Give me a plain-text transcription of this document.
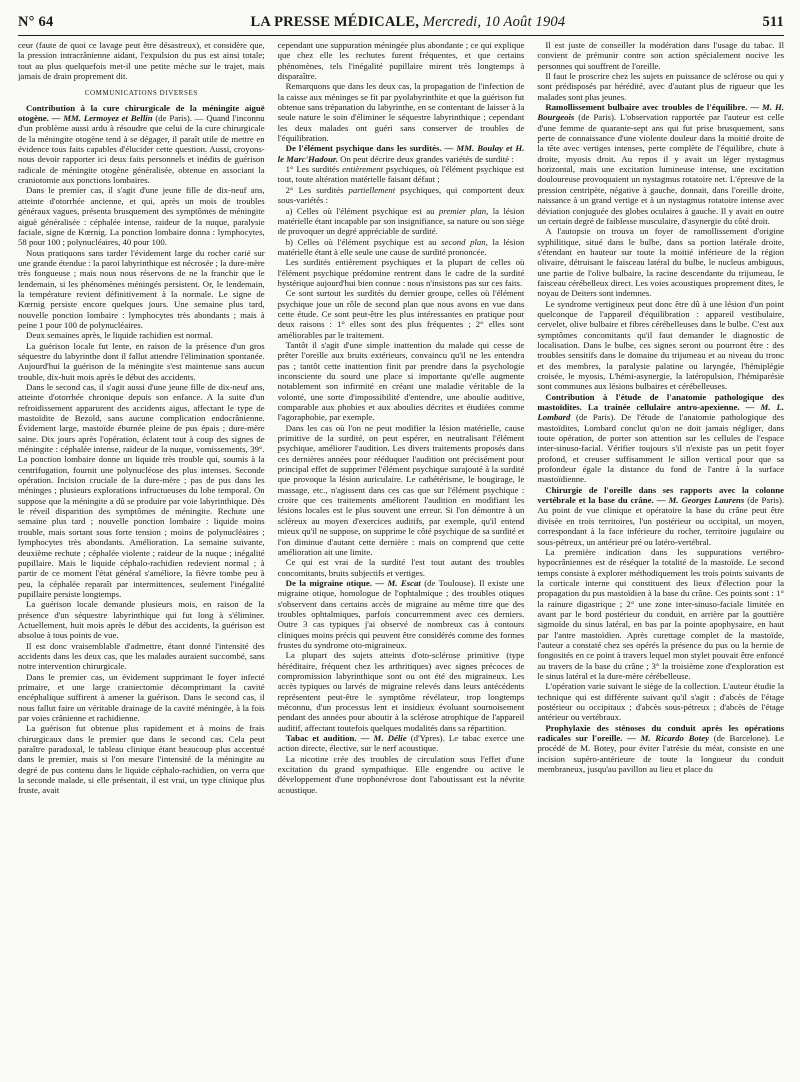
N° 64	LA PRESSE MÉDICALE, Mercredi, 10 Août 1904	511

ceur (faute de quoi ce lavage peut être désastreux), et considère que, la pression intracrânienne aidant, l'expulsion du pus est ainsi totale; tout au plus quelquefois met-il une petite mèche sur le trajet, mais jamais de drain proprement dit.

COMMUNICATIONS DIVERSES

Contribution à la cure chirurgicale de la méningite aiguë otogène. — MM. Lermoyez et Bellin (de Paris). — Quand l'inconnu d'un problème aussi ardu à résoudre que celui de la cure chirurgicale de la méningite otogène tend à se dégager, il paraît utile de mettre en évidence tous faits capables d'élucider cette question. Aussi, croyons-nous devoir rapporter ici deux faits personnels et inédits de guérison radicale de méningite otogène généralisée, obtenue en associant la craniotomie aux ponctions lombaires.

Dans le premier cas, il s'agit d'une jeune fille de dix-neuf ans, atteinte d'otorrhée ancienne, et qui, après un mois de troubles généraux vagues, présenta brusquement des symptômes de méningite aiguë généralisée : céphalée intense, raideur de la nuque, paralysie faciale, signe de Kœrnig. La ponction lombaire donna : lymphocytes, 58 pour 100 ; polynucléaires, 40 pour 100.

Nous pratiquons sans tarder l'évidement large du rocher carié sur une grande étendue : la paroi labyrinthique est nécrosée ; la dure-mère très fongueuse ; mais nous nous réservons de ne la franchir que le lendemain, si les phénomènes méningés persistent. Or, le lendemain, la température revient définitivement à la normale. Le signe de Kœrnig persiste encore quelques jours. Une semaine plus tard, nouvelle ponction lombaire : lymphocytes très abondants ; mais à peine 1 pour 100 de polynucléaires.

Deux semaines après, le liquide rachidien est normal.

La guérison locale fut lente, en raison de la présence d'un gros séquestre du labyrinthe dont il fallut attendre l'élimination spontanée. Aujourd'hui la guérison de la méningite s'est maintenue sans aucun trouble, dix-huit mois après le début des accidents.

Dans le second cas, il s'agit aussi d'une jeune fille de dix-neuf ans, atteinte d'otorrhée chronique depuis son enfance. A la suite d'un refroidissement apparurent des accidents aigus, affectant le type de mastoïdite de Bezold, sans aucune complication endocrânienne. Évidement large, mastoïde éburnée pleine de pus épais ; dure-mère saine. Dix jours après l'opération, éclatent tout à coup des signes de méningite : céphalée intense, raideur de la nuque, vomissements, 39°. La ponction lombaire donne un liquide très trouble qui, soumis à la centrifugation, fournit une polynucléose des plus intenses. Seconde opération. Incision cruciale de la dure-mère ; pas de pus dans les méninges ; plusieurs explorations infructueuses du lobe temporal. On suppose que la méningite a dû se produire par voie labyrinthique. Dès le réveil disparition des symptômes de méningite. Rechute une semaine plus tard ; nouvelle ponction lombaire : liquide moins trouble, mais sortant sous forte tension ; moins de polynucléaires ; lymphocytes très abondants. Amélioration. La semaine suivante, deuxième rechute ; céphalée violente ; raideur de la nuque ; inégalité pupillaire. Mais le liquide céphalo-rachidien redevient normal ; à partir de ce moment l'état général s'améliore, la fièvre tombe peu à peu, la céphalée reparaît par intermittences, seulement l'inégalité pupillaire persiste longtemps.

La guérison locale demande plusieurs mois, en raison de la présence d'un séquestre labyrinthique qui fut long à s'éliminer. Actuellement, huit mois après le début des accidents, la guérison est absolue à tous points de vue.

Il est donc vraisemblable d'admettre, étant donné l'intensité des accidents dans les deux cas, que les malades auraient succombé, sans notre intervention chirurgicale.

Dans le premier cas, un évidement supprimant le foyer infecté primaire, et une large craniectomie décomprimant la cavité encéphalique suffirent à amener la guérison. Dans le second cas, il nous fallut faire un véritable drainage de la cavité méningée, à la fois par voies crânienne et rachidienne.

La guérison fut obtenue plus rapidement et à moins de frais chirurgicaux dans le premier que dans le second cas. Cela peut paraître paradoxal, le tableau clinique étant beaucoup plus accentué dans le premier, mais si l'on mesure l'intensité de la méningite au degré de pus contenu dans le liquide céphalo-rachidien, on verra que la seconde malade, si elle présentait, il est vrai, un type clinique plus fruste, avait

cependant une suppuration méningée plus abondante ; ce qui explique que chez elle les rechutes furent fréquentes, et que certains phénomènes, tels l'inégalité pupillaire mirent très longtemps à disparaître.

Remarquons que dans les deux cas, la propagation de l'infection de la caisse aux méninges se fit par pyolabyrinthite et que la guérison fut obtenue sans trépanation du labyrinthe, en se contentant de laisser à la seule nature le soin d'éliminer le séquestre labyrinthique ; cependant les deux malades ont guéri sans conserver de troubles de l'équilibration.

De l'élément psychique dans les surdités. — MM. Boulay et H. le Marc'Hadour. On peut décrire deux grandes variétés de surdité :

1° Les surdités entièrement psychiques, où l'élément psychique est tout, toute altération matérielle faisant défaut ;

2° Les surdités partiellement psychiques, qui comportent deux sous-variétés :

a) Celles où l'élément psychique est au premier plan, la lésion matérielle étant incapable par son insignifiance, sa nature ou son siège de provoquer un degré appréciable de surdité.

b) Celles où l'élément psychique est au second plan, la lésion matérielle étant à elle seule une cause de surdité prononcée.

Les surdités entièrement psychiques et la plupart de celles où l'élément psychique prédomine rentrent dans le cadre de la surdité hystérique aujourd'hui bien connue : nous n'insistons pas sur ces faits.

Ce sont surtout les surdités du dernier groupe, celles où l'élément psychique joue un rôle de second plan que nous avons en vue dans cette étude. Ce sont peut-être les plus intéressantes en pratique pour deux raisons : 1° elles sont des plus fréquentes ; 2° elles sont améliorables par le traitement.

Tantôt il s'agit d'une simple inattention du malade qui cesse de prêter l'oreille aux bruits extérieurs, convaincu qu'il ne les entendra pas ; tantôt cette inattention finit par prendre dans la psychologie inconsciente du sourd une place si importante qu'elle augmente notablement son infirmité en créant une maladie véritable de la volonté, une sorte d'impossibilité d'entendre, une aboulie auditive, comparable aux phobies et aux aboulies décrites et étudiées comme l'agoraphobie, par exemple.

Dans les cas où l'on ne peut modifier la lésion matérielle, cause primitive de la surdité, on peut espérer, en neutralisant l'élément psychique, améliorer l'audition. Les divers traitements proposés dans ces dernières années pour rééduquer l'audition ont précisément pour principal effet de supprimer l'élément psychique surajouté à la surdité que provoque la lésion auriculaire. Le cathétérisme, le bougirage, le massage, etc., n'agissent dans ces cas que sur l'élément psychique : croire que ces traitements améliorent l'audition en modifiant les lésions locales est le plus souvent une erreur. Si l'on démontre à un scléreux au moyen d'exercices auditifs, par exemple, qu'il entend mieux qu'il ne suppose, on supprime le côté psychique de sa surdité et l'on diminue d'autant cette dernière : mais on comprend que cette amélioration ait une limite.

Ce qui est vrai de la surdité l'est tout autant des troubles concomitants, bruits subjectifs et vertiges.

De la migraine otique. — M. Escat (de Toulouse). Il existe une migraine otique, homologue de l'ophtalmique ; des troubles otiques s'observent dans certains accès de migraine au même titre que des troubles ophtalmiques, parfois concurremment avec ces derniers. Outre 3 cas typiques j'ai observé de nombreux cas à contours cliniques moins précis qui peuvent être considérés comme des formes frustes du syndrome oto-migraineux.

La plupart des sujets atteints d'oto-sclérose primitive (type héréditaire, fréquent chez les arthritiques) avec signes précoces de compromission labyrinthique sont ou ont été des migraineux. Les accès typiques ou larvés de migraine relevés dans leurs antécédents représentent peut-être le symptôme révélateur, trop longtemps méconnu, d'un processus lent et insidieux évoluant sournoisement pendant des années pour aboutir à la sclérose atrophique de l'appareil auditif, affectant toutefois quelques modalités dans sa répartition.

Tabac et audition. — M. Délie (d'Ypres). Le tabac exerce une action directe, élective, sur le nerf acoustique.

La nicotine crée des troubles de circulation sous l'effet d'une excitation du grand sympathique. Elle engendre ou active le développement d'une trophonévrose dont l'aboutissant est la névrite acoustique.

Il est juste de conseiller la modération dans l'usage du tabac. Il convient de prémunir contre son action spécialement nocive les personnes qui souffrent de l'oreille.

Il faut le proscrire chez les sujets en puissance de sclérose ou qui y sont prédisposés par hérédité, avec d'autant plus de rigueur que les malades sont plus jeunes.

Ramollissement bulbaire avec troubles de l'équilibre. — M. H. Bourgeois (de Paris). L'observation rapportée par l'auteur est celle d'une femme de quarante-sept ans qui fut prise brusquement, sans perte de connaissance d'une violente douleur dans la moitié droite de la tête avec vertiges intenses, perte complète de l'équilibre, chute à droite, myosis droit. Au repos il y avait un léger nystagmus horizontal, mais une excitation lumineuse intense, une excitation douloureuse provoquaient un nystagmus rotatoire net. L'épreuve de la pression centripète, négative à gauche, donnait, dans l'oreille droite, naissance à un grand vertige et à un nystagmus rotatoire intense avec déviation conjuguée des globes oculaires à gauche. Il y avait en outre un certain degré de faiblesse musculaire, d'asynergie du côté droit.

A l'autopsie on trouva un foyer de ramollissement d'origine syphilitique, situé dans le bulbe, dans sa portion latérale droite, s'étendant en hauteur sur toute la moitié inférieure de la région olivaire, détruisant le faisceau latéral du bulbe, le nucleus ambiguus, une partie de l'olive bulbaire, la racine descendante du trijumeau, le faisceau cérébelleux direct. Les voies acoustiques proprement dites, le noyau de Deiters sont indemnes.

Le syndrome vertigineux peut donc être dû à une lésion d'un point quelconque de l'appareil d'équilibration : appareil vestibulaire, cervelet, olive bulbaire et fibres cérébelleuses dans le bulbe. C'est aux symptômes concomitants qu'il faut demander le diagnostic de localisation. Dans le bulbe, ces signes seront ou pourront être : des troubles sensitifs dans le domaine du trijumeau et au niveau du tronc et des membres, la paralysie palatine ou laryngée, l'hémiplégie croisée, le myosis, L'hémi-asynergie, la latéropulsion, l'hémiparésie sont communes aux lésions bulbaires et cérébelleuses.

Contribution à l'étude de l'anatomie pathologique des mastoïdites. La trainée cellulaire antro-apexienne. — M. L. Lombard (de Paris). De l'étude de l'anatomie pathologique des mastoïdites, Lombard conclut qu'on ne doit jamais négliger, dans toute opération, de porter son attention sur les cellules de l'espace inter-sinuso-facial. Vérifier toujours s'il n'existe pas un petit foyer profond, et creuser suffisamment le sillon vertical pour que sa profondeur égale la distance du fond de l'antre à la surface mastoïdienne.

Chirurgie de l'oreille dans ses rapports avec la colonne vertébrale et la base du crâne. — M. Georges Laurens (de Paris). Au point de vue clinique et opératoire la base du crâne peut être divisée en trois territoires, l'un postérieur ou occipital, un moyen, correspondant à la face inférieure du rocher, territoire jugulaire ou sous-pétreux, un antérieur pré ou latéro-vertébral.

La première indication dans les suppurations vertébro-hypocrâniennes est de réséquer la totalité de la mastoïde. Le second temps consiste à explorer méthodiquement les trois points suivants de la corticale interne qui constituent des lieux d'élection pour la propagation du pus mastoïdien à la base du crâne. Ces points sont : 1° la rainure digastrique ; 2° une zone inter-sinuso-faciale limitée en avant par le bord postérieur du conduit, en arrière par la gouttière sigmoïde du sinus latéral, en bas par la pointe apophysaire, en haut par l'antre mastoïdien. Après curettage complet de la mastoïde, l'auteur a constaté chez ses opérés la présence du pus ou la hernie de fongosités en ce point à travers lequel mon stylet pouvait être enfoncé au travers de la base du crâne ; 3° la troisième zone d'exploration est le sinus latéral et la dure-mère cérébelleuse.

L'opération varie suivant le siège de la collection. L'auteur étudie la technique qui est différente suivant qu'il s'agit : d'abcès de l'étage postérieur ou occipitaux ; d'abcès sous-pétreux ; d'abcès de l'étage antérieur ou vertébraux.

Prophylaxie des sténoses du conduit après les opérations radicales sur l'oreille. — M. Ricardo Botey (de Barcelone). Le procédé de M. Botey, pour éviter l'atrésie du méat, consiste en une incision supéro-antérieure de toute la longueur du conduit membraneux, jusqu'au pavillon au lieu et place du
